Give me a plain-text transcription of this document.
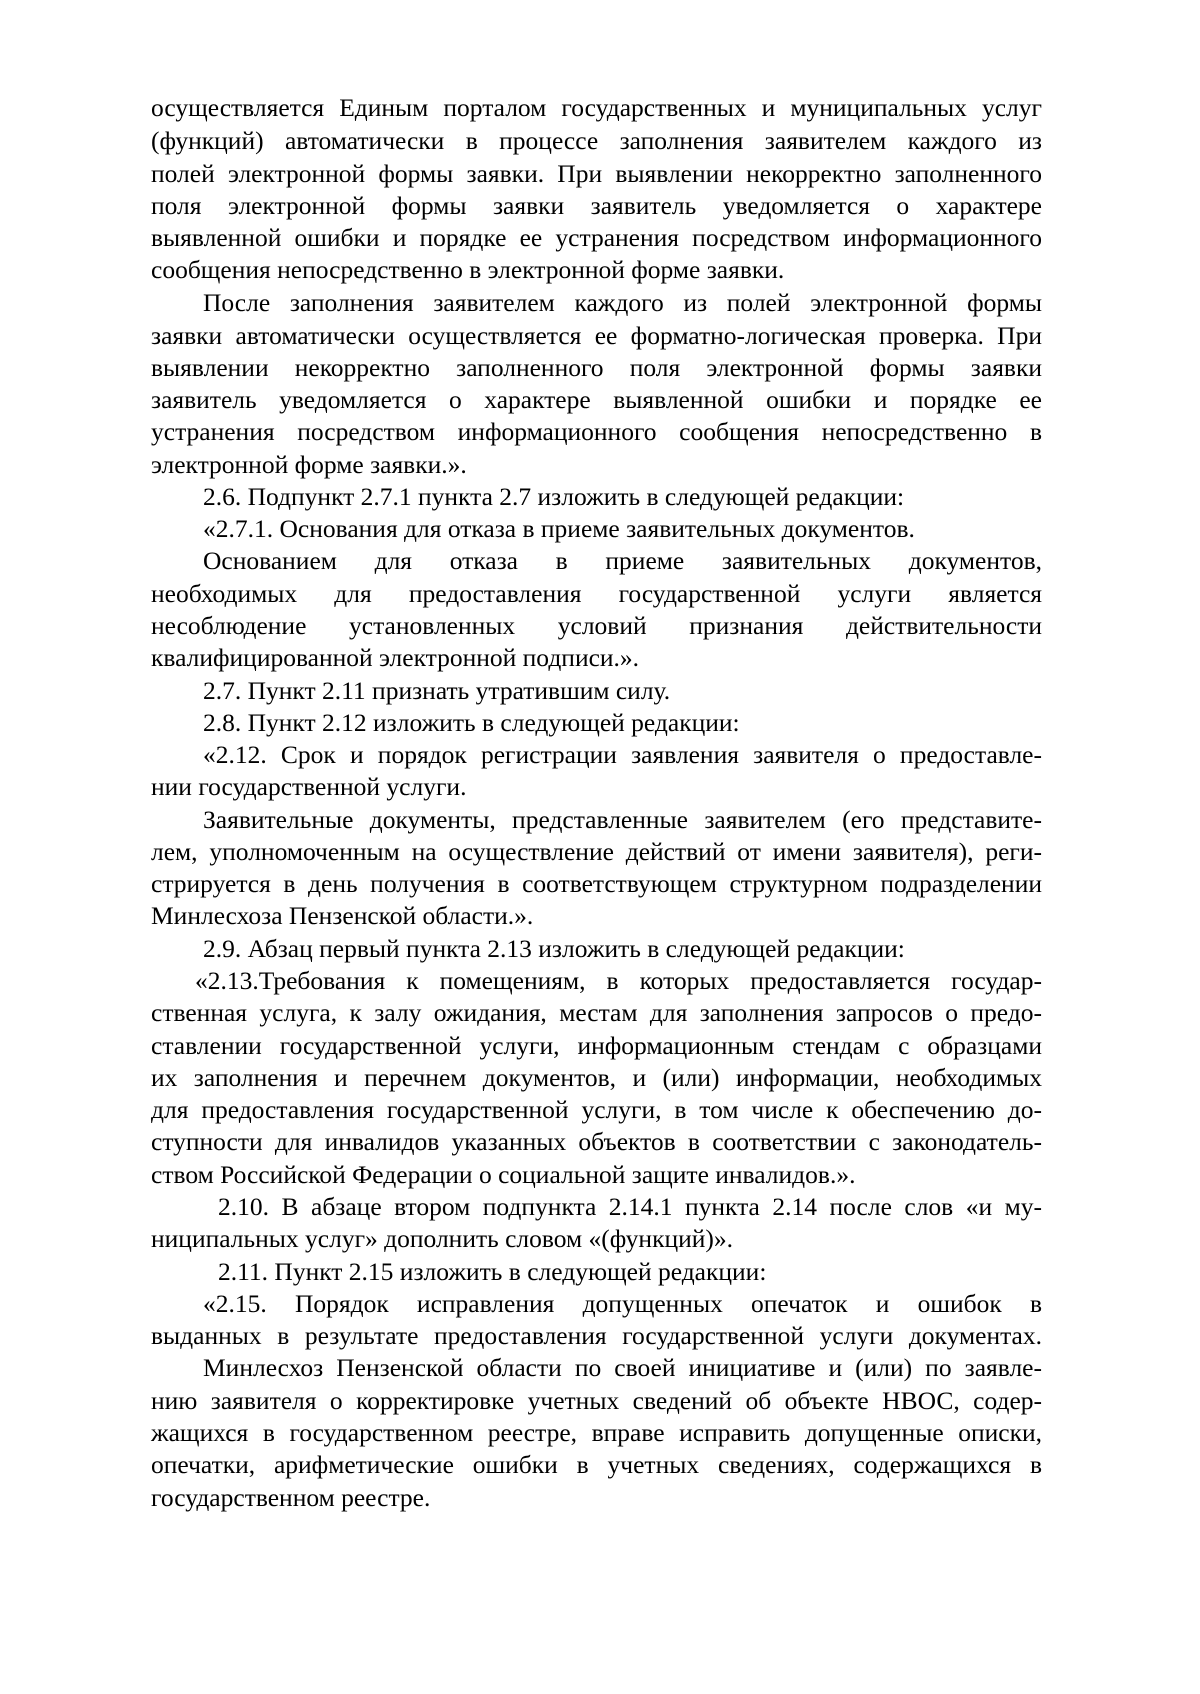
осуществляется Единым порталом государственных и муниципальных услуг
(функций) автоматически в процессе заполнения заявителем каждого из
полей электронной формы заявки. При выявлении некорректно заполненного
поля электронной формы заявки заявитель уведомляется о характере
выявленной ошибки и порядке ее устранения посредством информационного
сообщения непосредственно в электронной форме заявки.
После заполнения заявителем каждого из полей электронной формы
заявки автоматически осуществляется ее форматно-логическая проверка. При
выявлении некорректно заполненного поля электронной формы заявки
заявитель уведомляется о характере выявленной ошибки и порядке ее
устранения посредством информационного сообщения непосредственно в
электронной форме заявки.».
2.6. Подпункт 2.7.1 пункта 2.7 изложить в следующей редакции:
«2.7.1. Основания для отказа в приеме заявительных документов.
Основанием для отказа в приеме заявительных документов,
необходимых для предоставления государственной услуги является
несоблюдение установленных условий признания действительности
квалифицированной электронной подписи.».
2.7. Пункт 2.11 признать утратившим силу.
2.8. Пункт 2.12 изложить в следующей редакции:
«2.12. Срок и порядок регистрации заявления заявителя о предоставле-
нии государственной услуги.
Заявительные документы, представленные заявителем (его представите-
лем, уполномоченным на осуществление действий от имени заявителя), реги-
стрируется в день получения в соответствующем структурном подразделении
Минлесхоза Пензенской области.».
2.9. Абзац первый пункта 2.13 изложить в следующей редакции:
«2.13.Требования к помещениям, в которых предоставляется государ-
ственная услуга, к залу ожидания, местам для заполнения запросов о предо-
ставлении государственной услуги, информационным стендам с образцами
их заполнения и перечнем документов, и (или) информации, необходимых
для предоставления государственной услуги, в том числе к обеспечению до-
ступности для инвалидов указанных объектов в соответствии с законодатель-
ством Российской Федерации о социальной защите инвалидов.».
2.10. В абзаце втором подпункта 2.14.1 пункта 2.14 после слов «и му-
ниципальных услуг» дополнить словом «(функций)».
2.11. Пункт 2.15 изложить в следующей редакции:
«2.15. Порядок исправления допущенных опечаток и ошибок в
выданных в результате предоставления государственной услуги документах.
Минлесхоз Пензенской области по своей инициативе и (или) по заявле-
нию заявителя о корректировке учетных сведений об объекте НВОС, содер-
жащихся в государственном реестре, вправе исправить допущенные описки,
опечатки, арифметические ошибки в учетных сведениях, содержащихся в
государственном реестре.
